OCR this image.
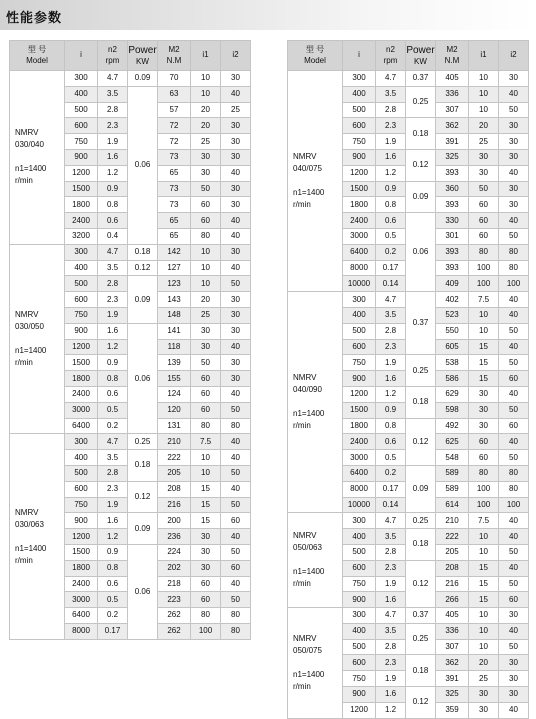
性能参数
型 号
Model	i	n2
rpm	Power
KW	M2
N.M	i1	i2

NMRV
030/040
n1=1400
r/min	300	4.7	0.09	70	10	30
	400	3.5	0.06	63	10	40
	500	2.8		57	20	25
	600	2.3		72	20	30
	750	1.9		72	25	30
	900	1.6		73	30	30
	1200	1.2		65	30	40
	1500	0.9		73	50	30
	1800	0.8		73	60	30
	2400	0.6		65	60	40
	3200	0.4		65	80	40

NMRV
030/050
n1=1400
r/min	300	4.7	0.18	142	10	30
	400	3.5	0.12	127	10	40
	500	2.8	0.09	123	10	50
	600	2.3		143	20	30
	750	1.9		148	25	30
	900	1.6	0.06	141	30	30
	1200	1.2		118	30	40
	1500	0.9		139	50	30
	1800	0.8		155	60	30
	2400	0.6		124	60	40
	3000	0.5		120	60	50
	6400	0.2		131	80	80

NMRV
030/063
n1=1400
r/min	300	4.7	0.25	210	7.5	40
	400	3.5	0.18	222	10	40
	500	2.8		205	10	50
	600	2.3	0.12	208	15	40
	750	1.9		216	15	50
	900	1.6	0.09	200	15	60
	1200	1.2		236	30	40
	1500	0.9	0.06	224	30	50
	1800	0.8		202	30	60
	2400	0.6		218	60	40
	3000	0.5		223	60	50
	6400	0.2		262	80	80
	8000	0.17		262	100	80
型 号
Model	i	n2
rpm	Power
KW	M2
N.M	i1	i2

NMRV
040/075
n1=1400
r/min	300	4.7	0.37	405	10	30
	400	3.5	0.25	336	10	40
	500	2.8		307	10	50
	600	2.3	0.18	362	20	30
	750	1.9		391	25	30
	900	1.6	0.12	325	30	30
	1200	1.2		393	30	40
	1500	0.9	0.09	360	50	30
	1800	0.8		393	60	30
	2400	0.6	0.06	330	60	40
	3000	0.5		301	60	50
	6400	0.2		393	80	80
	8000	0.17		393	100	80
	10000	0.14		409	100	100

NMRV
040/090
n1=1400
r/min	300	4.7	0.37	402	7.5	40
	400	3.5		523	10	40
	500	2.8		550	10	50
	600	2.3		605	15	40
	750	1.9	0.25	538	15	50
	900	1.6		586	15	60
	1200	1.2	0.18	629	30	40
	1500	0.9		598	30	50
	1800	0.8	0.12	492	30	60
	2400	0.6		625	60	40
	3000	0.5		548	60	50
	6400	0.2	0.09	589	80	80
	8000	0.17		589	100	80
	10000	0.14		614	100	100

NMRV
050/063
n1=1400
r/min	300	4.7	0.25	210	7.5	40
	400	3.5	0.18	222	10	40
	500	2.8		205	10	50
	600	2.3	0.12	208	15	40
	750	1.9		216	15	50
	900	1.6		266	15	60

NMRV
050/075
n1=1400
r/min	300	4.7	0.37	405	10	30
	400	3.5	0.25	336	10	40
	500	2.8		307	10	50
	600	2.3	0.18	362	20	30
	750	1.9		391	25	30
	900	1.6	0.12	325	30	30
	1200	1.2		359	30	40
